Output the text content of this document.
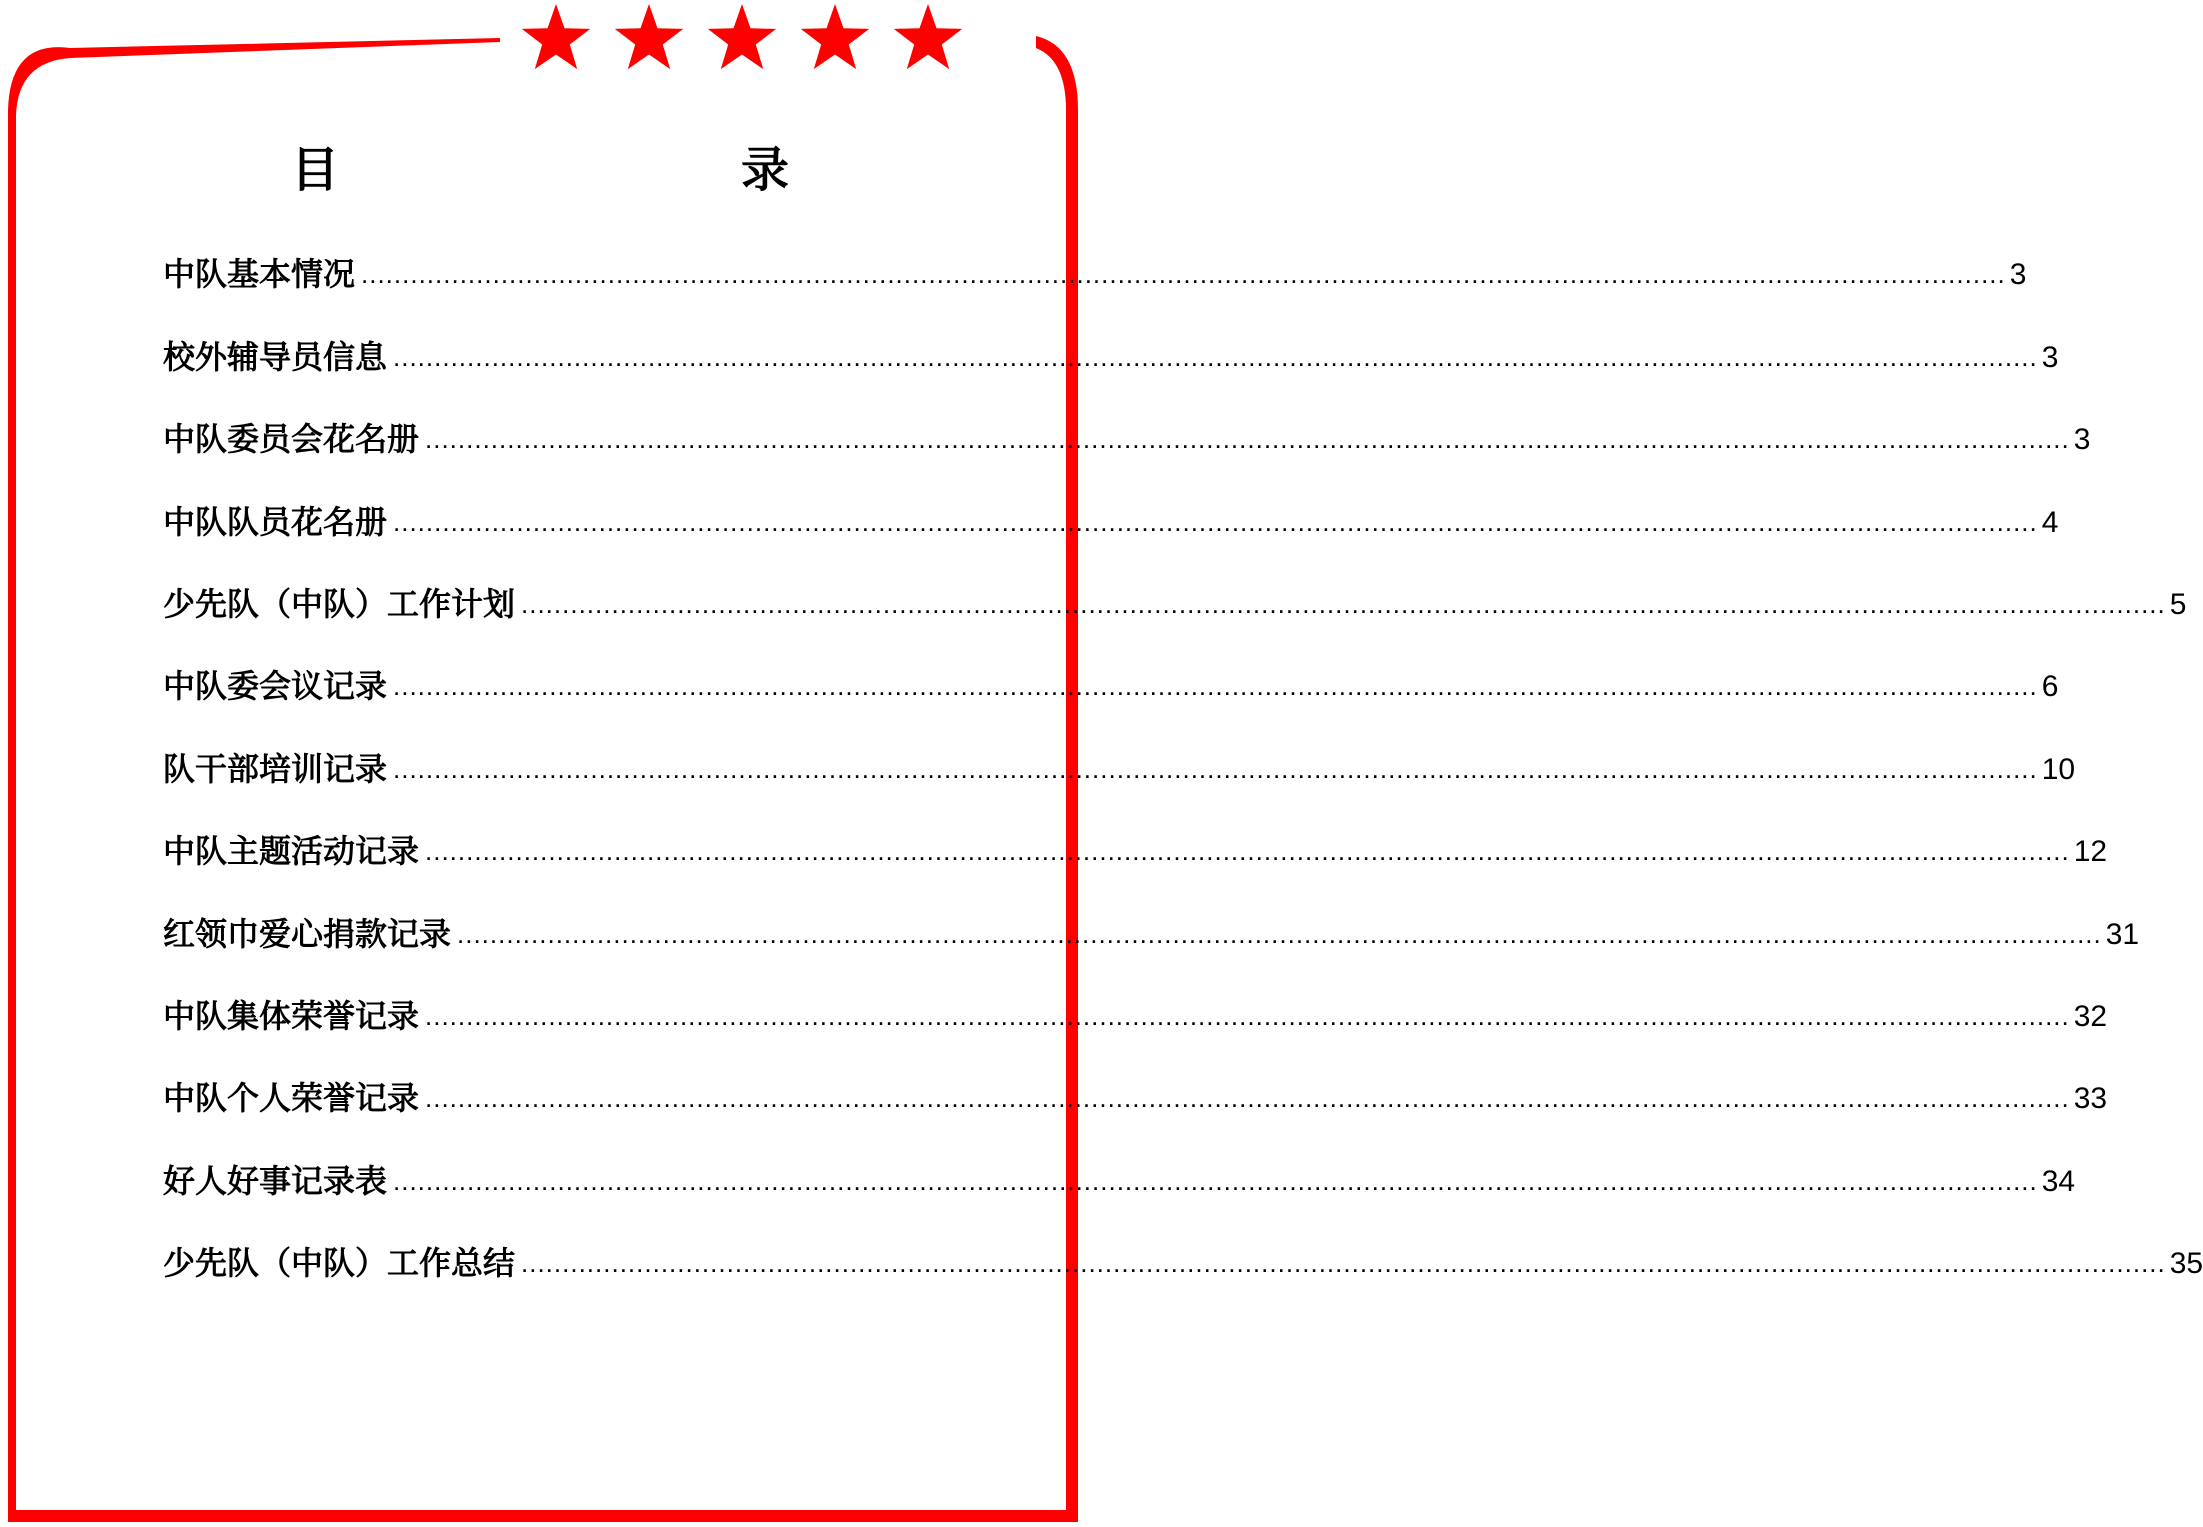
目　　录
中队基本情况 ........................................................................................................................................................................................................ 3
校外辅导员信息 ........................................................................................................................................................................................................ 3
中队委员会花名册 ........................................................................................................................................................................................................ 3
中队队员花名册 ........................................................................................................................................................................................................ 4
少先队（中队）工作计划 ........................................................................................................................................................................................................ 5
中队委会议记录 ........................................................................................................................................................................................................ 6
队干部培训记录 ........................................................................................................................................................................................................ 10
中队主题活动记录 ........................................................................................................................................................................................................ 12
红领巾爱心捐款记录 ........................................................................................................................................................................................................ 31
中队集体荣誉记录 ........................................................................................................................................................................................................ 32
中队个人荣誉记录 ........................................................................................................................................................................................................ 33
好人好事记录表 ........................................................................................................................................................................................................ 34
少先队（中队）工作总结 ........................................................................................................................................................................................................ 35
